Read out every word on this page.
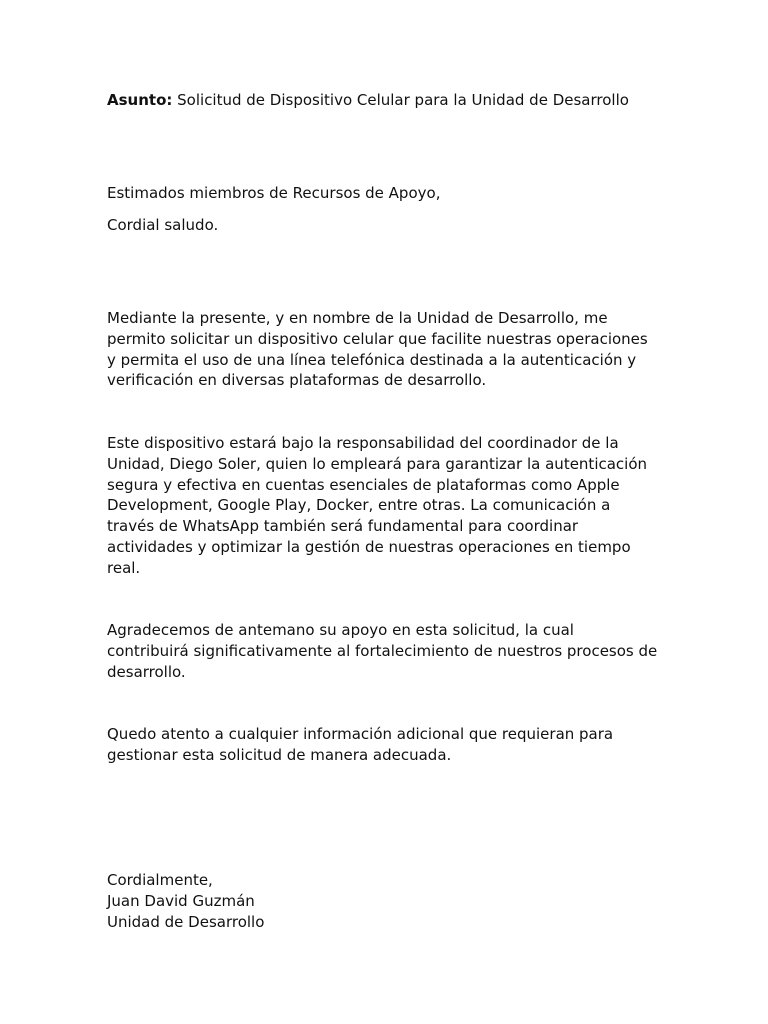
Asunto: Solicitud de Dispositivo Celular para la Unidad de Desarrollo

Estimados miembros de Recursos de Apoyo,

Cordial saludo.

Mediante la presente, y en nombre de la Unidad de Desarrollo, me
permito solicitar un dispositivo celular que facilite nuestras operaciones
y permita el uso de una línea telefónica destinada a la autenticación y
verificación en diversas plataformas de desarrollo.

Este dispositivo estará bajo la responsabilidad del coordinador de la
Unidad, Diego Soler, quien lo empleará para garantizar la autenticación
segura y efectiva en cuentas esenciales de plataformas como Apple
Development, Google Play, Docker, entre otras. La comunicación a
través de WhatsApp también será fundamental para coordinar
actividades y optimizar la gestión de nuestras operaciones en tiempo
real.

Agradecemos de antemano su apoyo en esta solicitud, la cual
contribuirá significativamente al fortalecimiento de nuestros procesos de
desarrollo.

Quedo atento a cualquier información adicional que requieran para
gestionar esta solicitud de manera adecuada.

Cordialmente,
Juan David Guzmán
Unidad de Desarrollo
